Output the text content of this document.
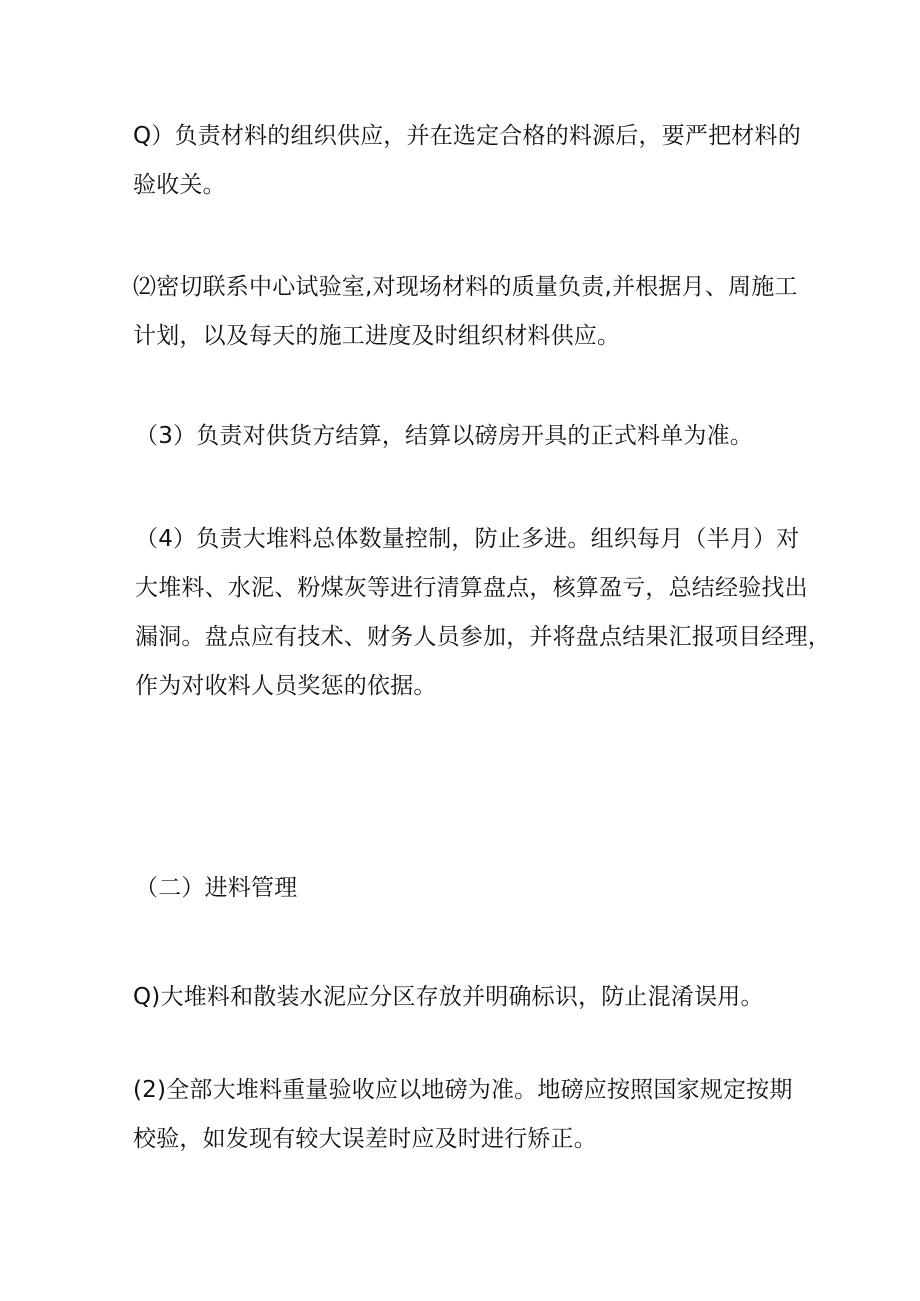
Q）负责材料的组织供应，并在选定合格的料源后，要严把材料的
验收关。

⑵密切联系中心试验室,对现场材料的质量负责,并根据月、周施工
计划，以及每天的施工进度及时组织材料供应。

（3）负责对供货方结算，结算以磅房开具的正式料单为准。

（4）负责大堆料总体数量控制，防止多进。组织每月（半月）对
大堆料、水泥、粉煤灰等进行清算盘点，核算盈亏，总结经验找出
漏洞。盘点应有技术、财务人员参加，并将盘点结果汇报项目经理，
作为对收料人员奖惩的依据。

（二）进料管理

Q)大堆料和散装水泥应分区存放并明确标识，防止混淆误用。

(2)全部大堆料重量验收应以地磅为准。地磅应按照国家规定按期
校验，如发现有较大误差时应及时进行矫正。
